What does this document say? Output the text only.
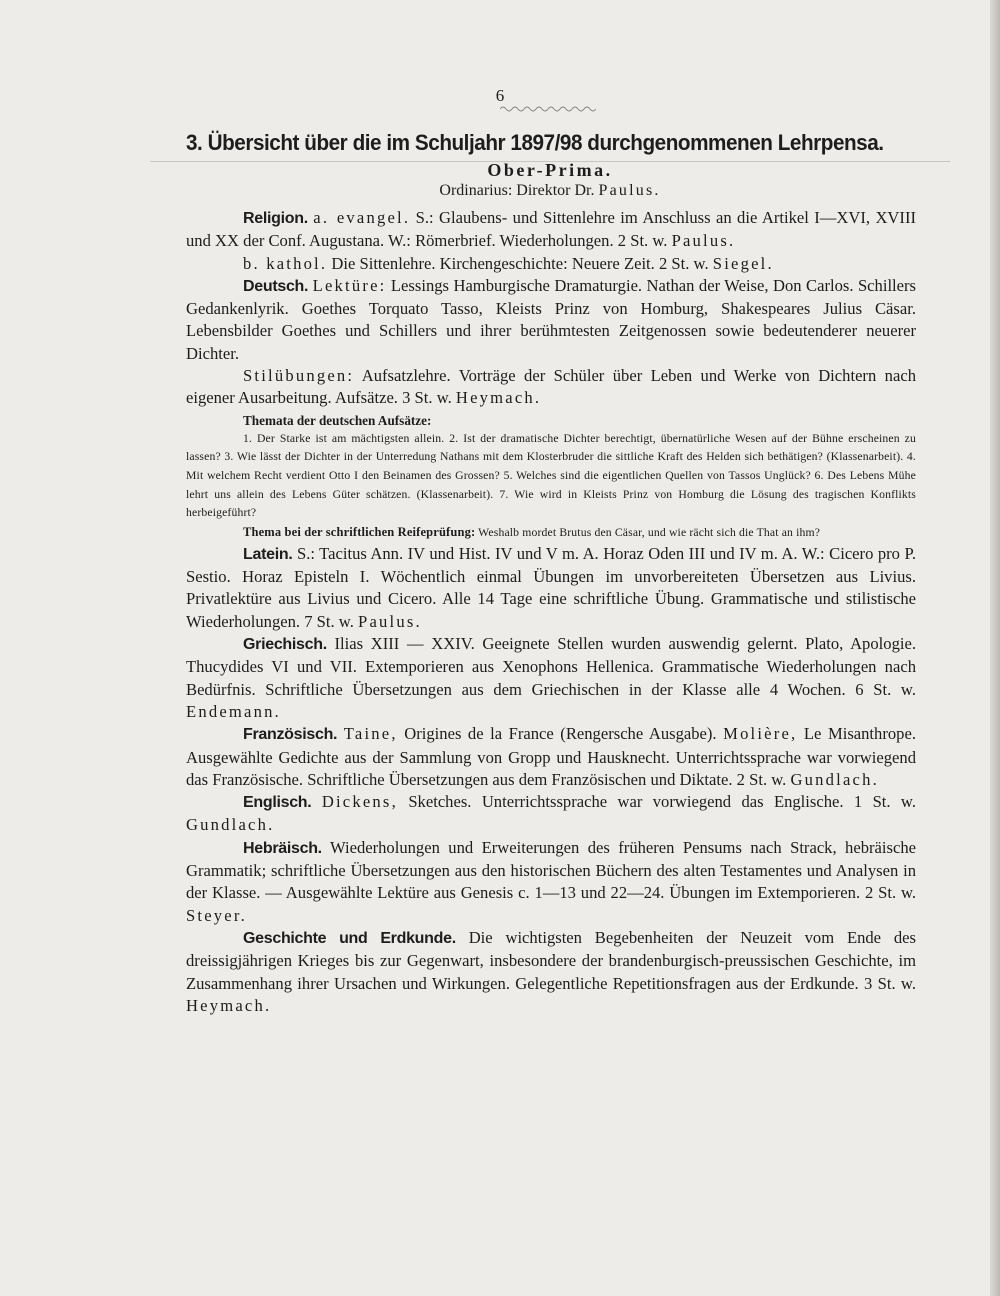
6
3. Übersicht über die im Schuljahr 1897/98 durchgenommenen Lehrpensa.
Ober-Prima.
Ordinarius: Direktor Dr. Paulus.

Religion. a. evangel. S.: Glaubens- und Sittenlehre im Anschluss an die Artikel I—XVI, XVIII und XX der Conf. Augustana. W.: Römerbrief. Wiederholungen. 2 St. w. Paulus.

b. kathol. Die Sittenlehre. Kirchengeschichte: Neuere Zeit. 2 St. w. Siegel.

Deutsch. Lektüre: Lessings Hamburgische Dramaturgie. Nathan der Weise, Don Carlos. Schillers Gedankenlyrik. Goethes Torquato Tasso, Kleists Prinz von Homburg, Shakespeares Julius Cäsar. Lebensbilder Goethes und Schillers und ihrer berühmtesten Zeitgenossen sowie bedeutenderer neuerer Dichter.

Stilübungen: Aufsatzlehre. Vorträge der Schüler über Leben und Werke von Dichtern nach eigener Ausarbeitung. Aufsätze. 3 St. w. Heymach.

Themata der deutschen Aufsätze:

1. Der Starke ist am mächtigsten allein. 2. Ist der dramatische Dichter berechtigt, übernatürliche Wesen auf der Bühne erscheinen zu lassen? 3. Wie lässt der Dichter in der Unterredung Nathans mit dem Klosterbruder die sittliche Kraft des Helden sich bethätigen? (Klassenarbeit). 4. Mit welchem Recht verdient Otto I den Beinamen des Grossen? 5. Welches sind die eigentlichen Quellen von Tassos Unglück? 6. Des Lebens Mühe lehrt uns allein des Lebens Güter schätzen. (Klassenarbeit). 7. Wie wird in Kleists Prinz von Homburg die Lösung des tragischen Konflikts herbeigeführt?

Thema bei der schriftlichen Reifeprüfung: Weshalb mordet Brutus den Cäsar, und wie rächt sich die That an ihm?

Latein. S.: Tacitus Ann. IV und Hist. IV und V m. A. Horaz Oden III und IV m. A. W.: Cicero pro P. Sestio. Horaz Episteln I. Wöchentlich einmal Übungen im unvorbereiteten Übersetzen aus Livius. Privatlektüre aus Livius und Cicero. Alle 14 Tage eine schriftliche Übung. Grammatische und stilistische Wiederholungen. 7 St. w. Paulus.

Griechisch. Ilias XIII — XXIV. Geeignete Stellen wurden auswendig gelernt. Plato, Apologie. Thucydides VI und VII. Extemporieren aus Xenophons Hellenica. Grammatische Wiederholungen nach Bedürfnis. Schriftliche Übersetzungen aus dem Griechischen in der Klasse alle 4 Wochen. 6 St. w. Endemann.

Französisch. Taine, Origines de la France (Rengersche Ausgabe). Molière, Le Misanthrope. Ausgewählte Gedichte aus der Sammlung von Gropp und Hausknecht. Unterrichtssprache war vorwiegend das Französische. Schriftliche Übersetzungen aus dem Französischen und Diktate. 2 St. w. Gundlach.

Englisch. Dickens, Sketches. Unterrichtssprache war vorwiegend das Englische. 1 St. w. Gundlach.

Hebräisch. Wiederholungen und Erweiterungen des früheren Pensums nach Strack, hebräische Grammatik; schriftliche Übersetzungen aus den historischen Büchern des alten Testamentes und Analysen in der Klasse. — Ausgewählte Lektüre aus Genesis c. 1—13 und 22—24. Übungen im Extemporieren. 2 St. w. Steyer.

Geschichte und Erdkunde. Die wichtigsten Begebenheiten der Neuzeit vom Ende des dreissigjährigen Krieges bis zur Gegenwart, insbesondere der brandenburgisch-preussischen Geschichte, im Zusammenhang ihrer Ursachen und Wirkungen. Gelegentliche Repetitionsfragen aus der Erdkunde. 3 St. w. Heymach.
